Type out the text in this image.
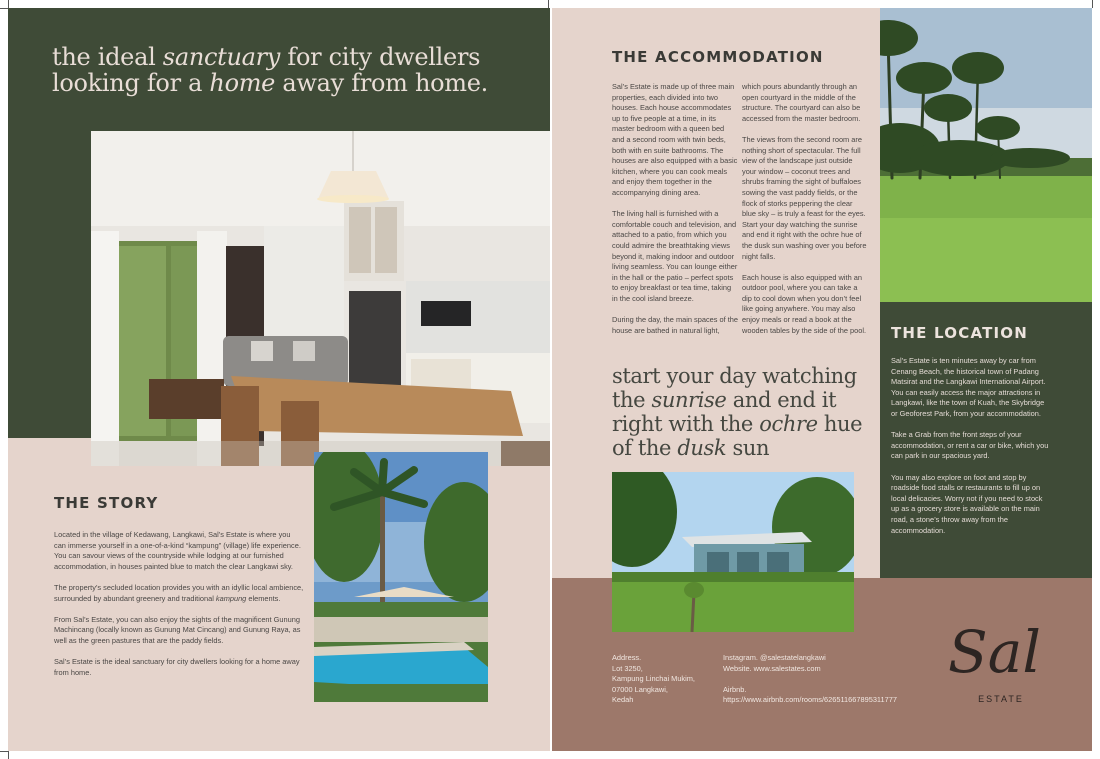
the ideal sanctuary for city dwellers looking for a home away from home.
THE STORY

Located in the village of Kedawang, Langkawi, Sal’s Estate is where you can immerse yourself in a one-of-a-kind “kampung” (village) life experience. You can savour views of the countryside while lodging at our furnished accommodation, in houses painted blue to match the clear Langkawi sky.

The property’s secluded location provides you with an idyllic local ambience, surrounded by abundant greenery and traditional kampung elements.

From Sal’s Estate, you can also enjoy the sights of the magnificent Gunung Machincang (locally known as Gunung Mat Cincang) and Gunung Raya, as well as the green pastures that are the paddy fields.

Sal’s Estate is the ideal sanctuary for city dwellers looking for a home away from home.

THE ACCOMMODATION

Sal’s Estate is made up of three main properties, each divided into two houses. Each house accommodates up to five people at a time, in its master bedroom with a queen bed and a second room with twin beds, both with en suite bathrooms. The houses are also equipped with a basic kitchen, where you can cook meals and enjoy them together in the accompanying dining area.

The living hall is furnished with a comfortable couch and television, and attached to a patio, from which you could admire the breathtaking views beyond it, making indoor and outdoor living seamless. You can lounge either in the hall or the patio – perfect spots to enjoy breakfast or tea time, taking in the cool island breeze.

During the day, the main spaces of the house are bathed in natural light,

which pours abundantly through an open courtyard in the middle of the structure. The courtyard can also be accessed from the master bedroom.

The views from the second room are nothing short of spectacular. The full view of the landscape just outside your window – coconut trees and shrubs framing the sight of buffaloes sowing the vast paddy fields, or the flock of storks peppering the clear blue sky – is truly a feast for the eyes. Start your day watching the sunrise and end it right with the ochre hue of the dusk sun washing over you before night falls.

Each house is also equipped with an outdoor pool, where you can take a dip to cool down when you don’t feel like going anywhere. You may also enjoy meals or read a book at the wooden tables by the side of the pool.

start your day watching the sunrise and end it right with the ochre hue of the dusk sun
THE LOCATION

Sal’s Estate is ten minutes away by car from Cenang Beach, the historical town of Padang Matsirat and the Langkawi International Airport. You can easily access the major attractions in Langkawi, like the town of Kuah, the Skybridge or Geoforest Park, from your accommodation.

Take a Grab from the front steps of your accommodation, or rent a car or bike, which you can park in our spacious yard.

You may also explore on foot and stop by roadside food stalls or restaurants to fill up on local delicacies. Worry not if you need to stock up as a grocery store is available on the main road, a stone’s throw away from the accommodation.

Address.
Lot 3250,
Kampung Linchai Mukim,
07000 Langkawi,
Kedah
Instagram. @salestatelangkawi

Website. www.salestates.com

Airbnb.
https://www.airbnb.com/rooms/626511667895311777
Sal
ESTATE
